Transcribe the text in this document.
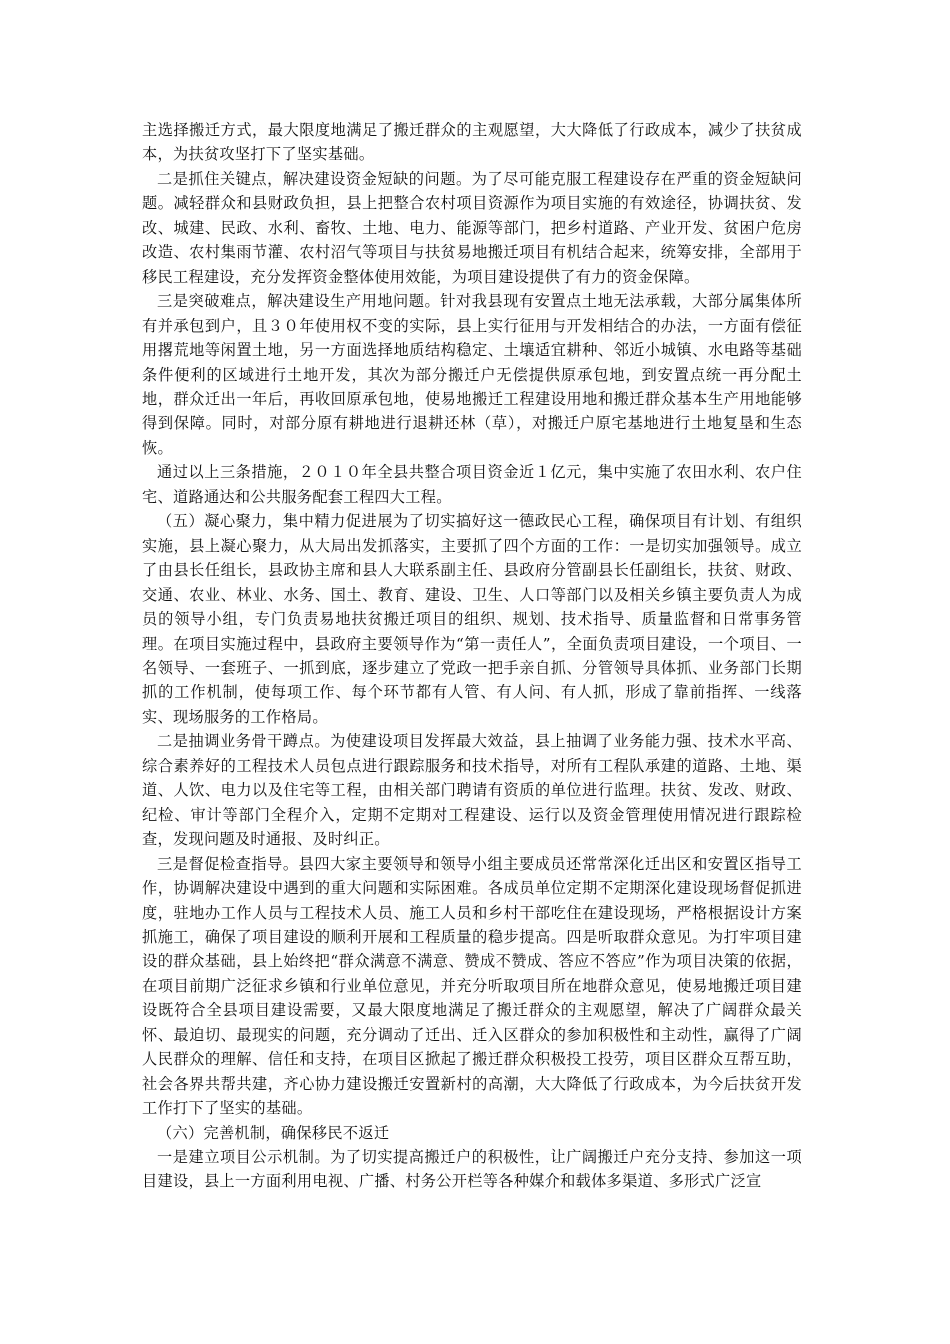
主选择搬迁方式，最大限度地满足了搬迁群众的主观愿望，大大降低了行政成本，减少了扶贫成本，为扶贫攻坚打下了坚实基础。

二是抓住关键点，解决建设资金短缺的问题。为了尽可能克服工程建设存在严重的资金短缺问题。减轻群众和县财政负担，县上把整合农村项目资源作为项目实施的有效途径，协调扶贫、发改、城建、民政、水利、畜牧、土地、电力、能源等部门，把乡村道路、产业开发、贫困户危房改造、农村集雨节灌、农村沼气等项目与扶贫易地搬迁项目有机结合起来，统筹安排，全部用于移民工程建设，充分发挥资金整体使用效能，为项目建设提供了有力的资金保障。

三是突破难点，解决建设生产用地问题。针对我县现有安置点土地无法承载，大部分属集体所有并承包到户，且３０年使用权不变的实际，县上实行征用与开发相结合的办法，一方面有偿征用撂荒地等闲置土地，另一方面选择地质结构稳定、土壤适宜耕种、邻近小城镇、水电路等基础条件便利的区域进行土地开发，其次为部分搬迁户无偿提供原承包地，到安置点统一再分配土地，群众迁出一年后，再收回原承包地，使易地搬迁工程建设用地和搬迁群众基本生产用地能够得到保障。同时，对部分原有耕地进行退耕还林（草），对搬迁户原宅基地进行土地复垦和生态恢。

通过以上三条措施，２０１０年全县共整合项目资金近１亿元，集中实施了农田水利、农户住宅、道路通达和公共服务配套工程四大工程。

（五）凝心聚力，集中精力促进展为了切实搞好这一德政民心工程，确保项目有计划、有组织实施，县上凝心聚力，从大局出发抓落实，主要抓了四个方面的工作：一是切实加强领导。成立了由县长任组长，县政协主席和县人大联系副主任、县政府分管副县长任副组长，扶贫、财政、交通、农业、林业、水务、国土、教育、建设、卫生、人口等部门以及相关乡镇主要负责人为成员的领导小组，专门负责易地扶贫搬迁项目的组织、规划、技术指导、质量监督和日常事务管理。在项目实施过程中，县政府主要领导作为“第一责任人”，全面负责项目建设，一个项目、一名领导、一套班子、一抓到底，逐步建立了党政一把手亲自抓、分管领导具体抓、业务部门长期抓的工作机制，使每项工作、每个环节都有人管、有人问、有人抓，形成了靠前指挥、一线落实、现场服务的工作格局。

二是抽调业务骨干蹲点。为使建设项目发挥最大效益，县上抽调了业务能力强、技术水平高、综合素养好的工程技术人员包点进行跟踪服务和技术指导，对所有工程队承建的道路、土地、渠道、人饮、电力以及住宅等工程，由相关部门聘请有资质的单位进行监理。扶贫、发改、财政、纪检、审计等部门全程介入，定期不定期对工程建设、运行以及资金管理使用情况进行跟踪检查，发现问题及时通报、及时纠正。

三是督促检查指导。县四大家主要领导和领导小组主要成员还常常深化迁出区和安置区指导工作，协调解决建设中遇到的重大问题和实际困难。各成员单位定期不定期深化建设现场督促抓进度，驻地办工作人员与工程技术人员、施工人员和乡村干部吃住在建设现场，严格根据设计方案抓施工，确保了项目建设的顺利开展和工程质量的稳步提高。四是听取群众意见。为打牢项目建设的群众基础，县上始终把“群众满意不满意、赞成不赞成、答应不答应”作为项目决策的依据，在项目前期广泛征求乡镇和行业单位意见，并充分听取项目所在地群众意见，使易地搬迁项目建设既符合全县项目建设需要，又最大限度地满足了搬迁群众的主观愿望，解决了广阔群众最关怀、最迫切、最现实的问题，充分调动了迁出、迁入区群众的参加积极性和主动性，赢得了广阔人民群众的理解、信任和支持，在项目区掀起了搬迁群众积极投工投劳，项目区群众互帮互助，社会各界共帮共建，齐心协力建设搬迁安置新村的高潮，大大降低了行政成本，为今后扶贫开发工作打下了坚实的基础。

（六）完善机制，确保移民不返迁

一是建立项目公示机制。为了切实提高搬迁户的积极性，让广阔搬迁户充分支持、参加这一项目建设，县上一方面利用电视、广播、村务公开栏等各种媒介和载体多渠道、多形式广泛宣
